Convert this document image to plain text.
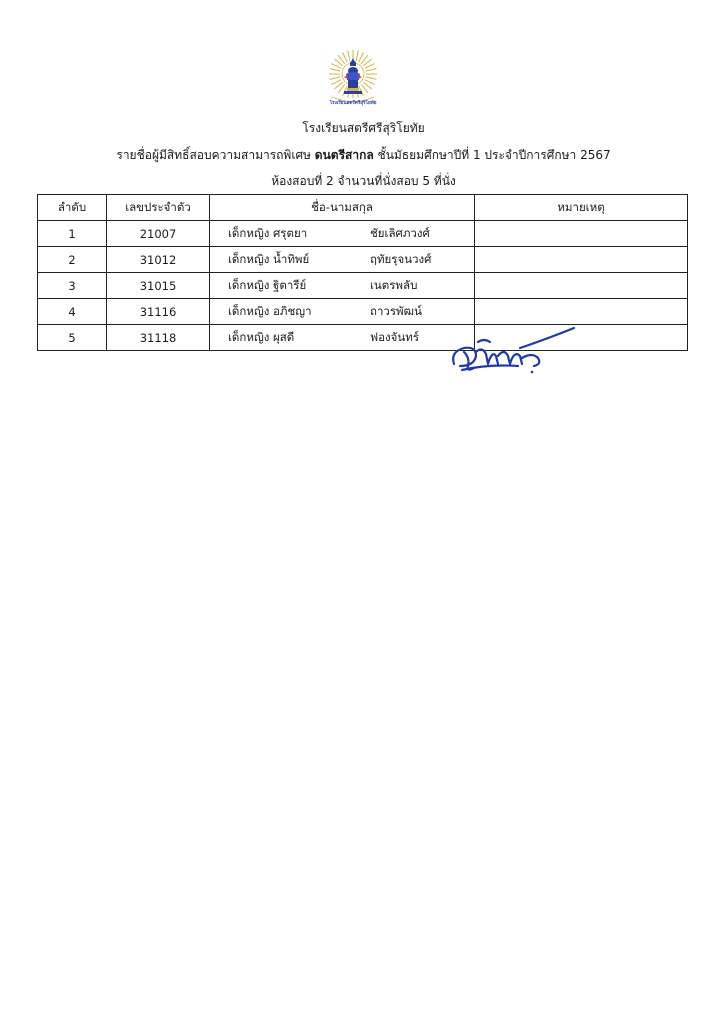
โรงเรียนสตรีศรีสุริโยทัย
โรงเรียนสตรีศรีสุริโยทัย
รายชื่อผู้มีสิทธิ์สอบความสามารถพิเศษ ดนตรีสากล ชั้นมัธยมศึกษาปีที่ 1 ประจำปีการศึกษา 2567
ห้องสอบที่ 2 จำนวนที่นั่งสอบ 5 ที่นั่ง
ลำดับ	เลขประจำตัว	ชื่อ-นามสกุล	หมายเหตุ
1	21007	เด็กหญิง ศรุตยา ชัยเลิศภวงศ์	

2	31012	เด็กหญิง น้ำทิพย์ ฤทัยรุจนวงศ์	

3	31015	เด็กหญิง ฐิตารีย์ เนตรพลับ	

4	31116	เด็กหญิง อภิชญา ถาวรพัฒน์	

5	31118	เด็กหญิง ผุสดี ฟองจันทร์	
